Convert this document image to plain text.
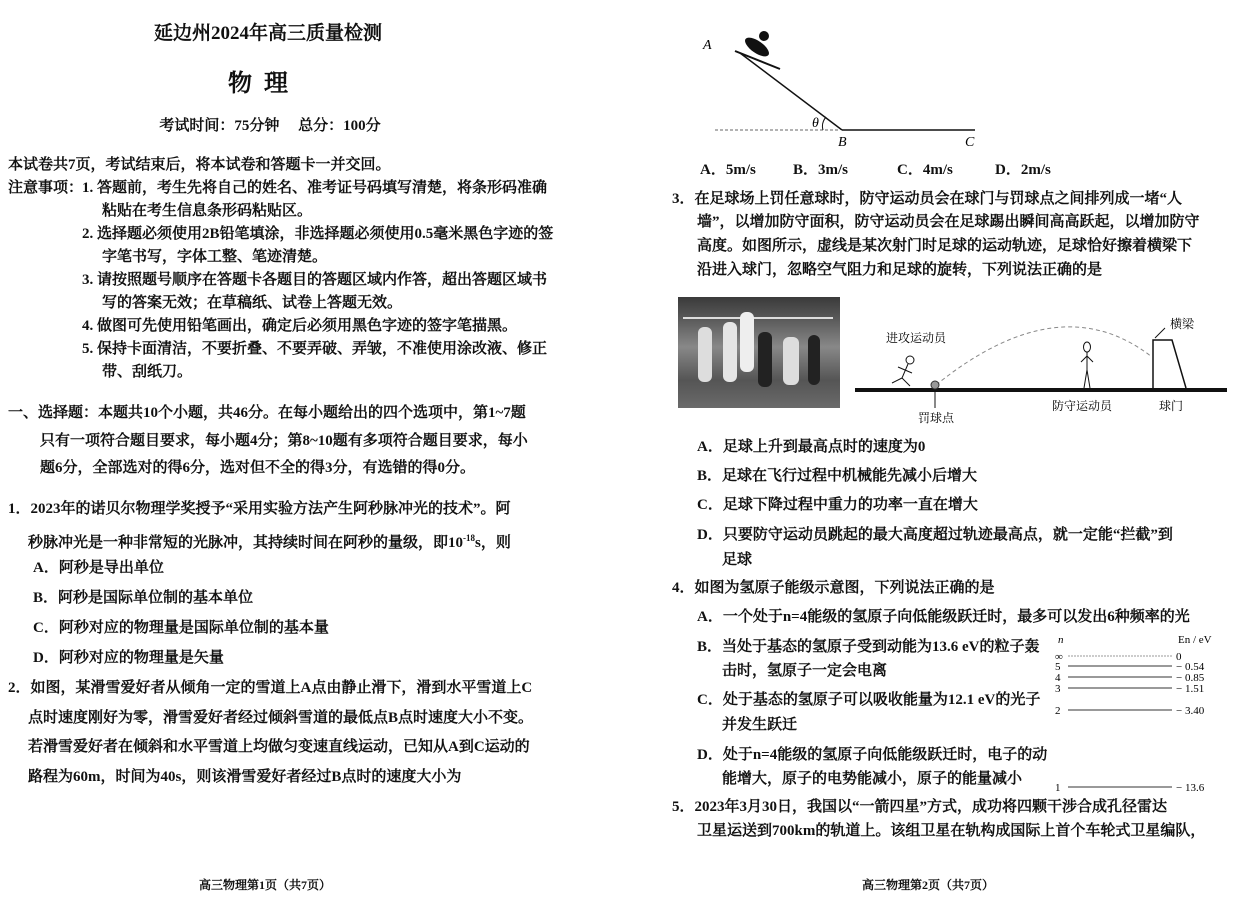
延边州2024年高三质量检测
物  理
考试时间：75分钟     总分：100分
本试卷共7页，考试结束后，将本试卷和答题卡一并交回。
注意事项：
1. 答题前，考生先将自己的姓名、准考证号码填写清楚，将条形码准确
粘贴在考生信息条形码粘贴区。
2. 选择题必须使用2B铅笔填涂，非选择题必须使用0.5毫米黑色字迹的签
字笔书写，字体工整、笔迹清楚。
3. 请按照题号顺序在答题卡各题目的答题区域内作答，超出答题区域书
写的答案无效；在草稿纸、试卷上答题无效。
4. 做图可先使用铅笔画出，确定后必须用黑色字迹的签字笔描黑。
5. 保持卡面清洁，不要折叠、不要弄破、弄皱，不准使用涂改液、修正
带、刮纸刀。
一、选择题：本题共10个小题，共46分。在每小题给出的四个选项中，第1~7题
只有一项符合题目要求，每小题4分；第8~10题有多项符合题目要求，每小
题6分，全部选对的得6分，选对但不全的得3分，有选错的得0分。
1．2023年的诺贝尔物理学奖授予“采用实验方法产生阿秒脉冲光的技术”。阿
秒脉冲光是一种非常短的光脉冲，其持续时间在阿秒的量级，即$10^{-18}s$，则
A．阿秒是导出单位
B．阿秒是国际单位制的基本单位
C．阿秒对应的物理量是国际单位制的基本量
D．阿秒对应的物理量是矢量
2．如图，某滑雪爱好者从倾角一定的雪道上A点由静止滑下，滑到水平雪道上C
点时速度刚好为零，滑雪爱好者经过倾斜雪道的最低点B点时速度大小不变。
若滑雪爱好者在倾斜和水平雪道上均做匀变速直线运动，已知从A到C运动的
路程为60m，时间为40s，则该滑雪爱好者经过B点时的速度大小为
高三物理第1页（共7页）
A
θ
B	C
A．5m/s B．3m/s	C．4m/s	D．2m/s
3．在足球场上罚任意球时，防守运动员会在球门与罚球点之间排列成一堵“人
墙”，以增加防守面积，防守运动员会在足球踢出瞬间高高跃起，以增加防守
高度。如图所示，虚线是某次射门时足球的运动轨迹，足球恰好擦着横梁下
沿进入球门，忽略空气阻力和足球的旋转，下列说法正确的是
进攻运动员
横梁
罚球点
防守运动员	球门
A．足球上升到最高点时的速度为0
B．足球在飞行过程中机械能先减小后增大
C．足球下降过程中重力的功率一直在增大
D．只要防守运动员跳起的最大高度超过轨迹最高点，就一定能“拦截”到
足球
4．如图为氢原子能级示意图，下列说法正确的是
A．一个处于n=4能级的氢原子向低能级跃迁时，最多可以发出6种频率的光
B．当处于基态的氢原子受到动能为13.6 eV的粒子轰
击时，氢原子一定会电离
C．处于基态的氢原子可以吸收能量为12.1 eV的光子
并发生跃迁
D．处于n=4能级的氢原子向低能级跃迁时，电子的动
能增大，原子的电势能减小，原子的能量减小
n	En / eV
∞	0
5	− 0.54
4	− 0.85
3	− 1.51
2	− 3.40
1	− 13.6
5．2023年3月30日，我国以“一箭四星”方式，成功将四颗干涉合成孔径雷达
卫星运送到700km的轨道上。该组卫星在轨构成国际上首个车轮式卫星编队，
高三物理第2页（共7页）
